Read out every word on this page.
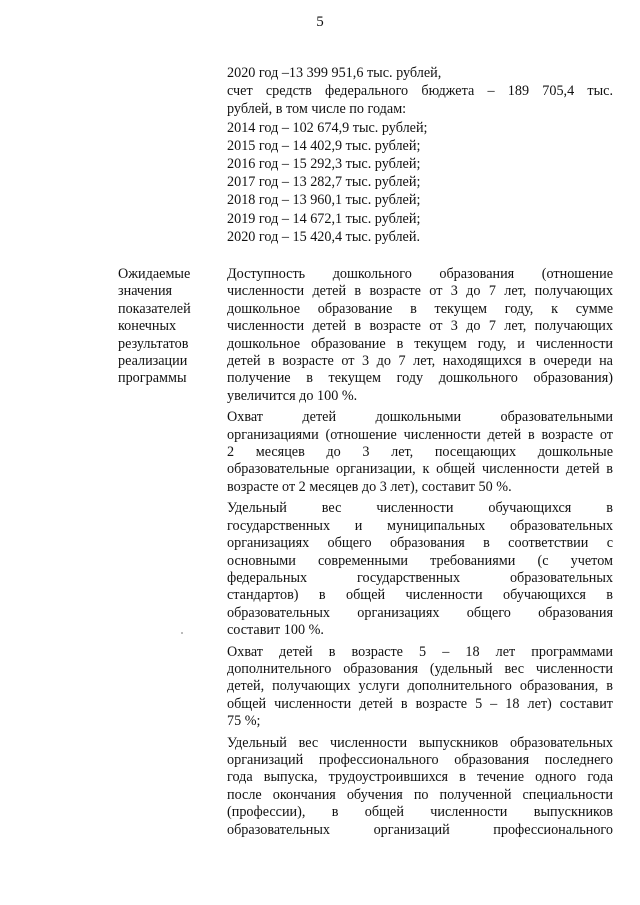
5
2020 год –13 399 951,6 тыс. рублей,
счет средств федерального бюджета – 189 705,4 тыс.
рублей, в том числе по годам:
2014 год – 102 674,9 тыс. рублей;
2015 год – 14 402,9 тыс. рублей;
2016 год – 15 292,3 тыс. рублей;
2017 год – 13 282,7 тыс. рублей;
2018 год – 13 960,1 тыс. рублей;
2019 год – 14 672,1 тыс. рублей;
2020 год – 15 420,4 тыс. рублей.
Ожидаемые
значения
показателей
конечных
результатов
реализации
программы
Доступность дошкольного образования (отношение
численности детей в возрасте от 3 до 7 лет, получающих
дошкольное образование в текущем году, к сумме
численности детей в возрасте от 3 до 7 лет, получающих
дошкольное образование в текущем году, и численности
детей в возрасте от 3 до 7 лет, находящихся в очереди на
получение в текущем году дошкольного образования)
увеличится до 100 %.
Охват детей дошкольными образовательными
организациями (отношение численности детей в возрасте от
2 месяцев до 3 лет, посещающих дошкольные
образовательные организации, к общей численности детей в
возрасте от 2 месяцев до 3 лет), составит 50 %.
Удельный вес численности обучающихся в
государственных и муниципальных образовательных
организациях общего образования в соответствии с
основными современными требованиями (с учетом
федеральных государственных образовательных
стандартов) в общей численности обучающихся в
образовательных организациях общего образования
составит 100 %.
Охват детей в возрасте 5 – 18 лет программами
дополнительного образования (удельный вес численности
детей, получающих услуги дополнительного образования, в
общей численности детей в возрасте 5 – 18 лет) составит
75 %;
Удельный вес численности выпускников образовательных
организаций профессионального образования последнего
года выпуска, трудоустроившихся в течение одного года
после окончания обучения по полученной специальности
(профессии), в общей численности выпускников
образовательных организаций профессионального
